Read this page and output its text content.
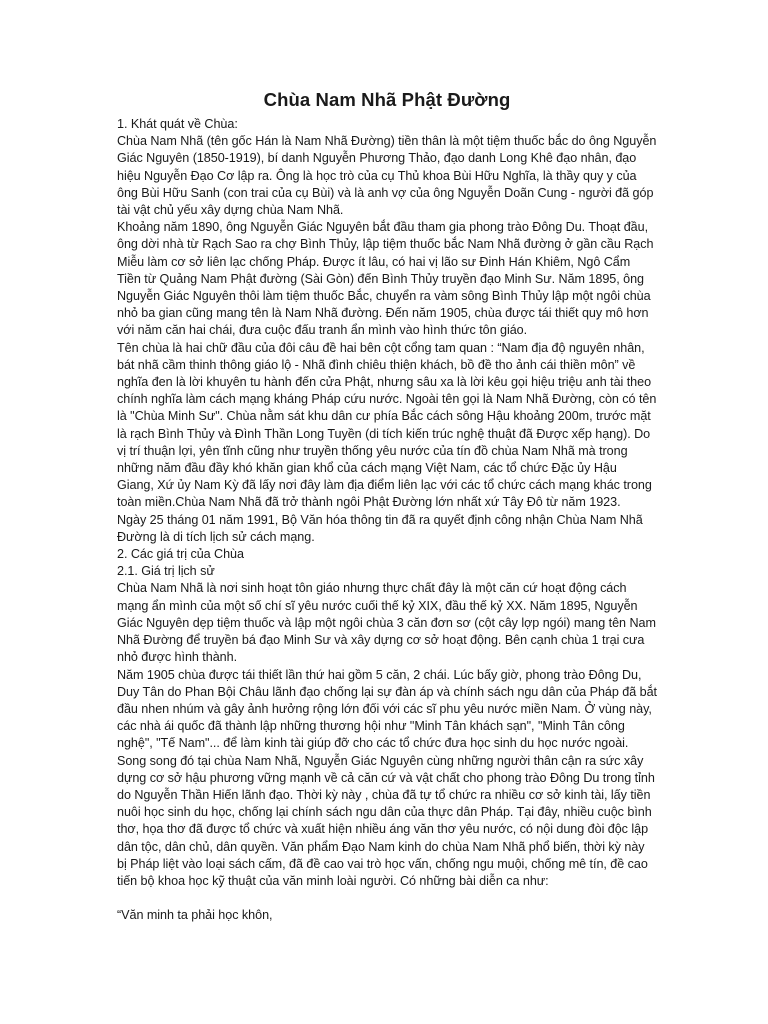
Chùa Nam Nhã Phật Đường

1. Khát quát về Chùa:

Chùa Nam Nhã (tên gốc Hán là Nam Nhã Đường) tiền thân là một tiệm thuốc bắc do ông Nguyễn Giác Nguyên (1850-1919), bí danh Nguyễn Phương Thảo, đạo danh Long Khê đạo nhân, đạo hiệu Nguyễn Đạo Cơ lập ra. Ông là học trò của cụ Thủ khoa Bùi Hữu Nghĩa, là thầy quy y của ông Bùi Hữu Sanh (con trai của cụ Bùi) và là anh vợ của ông Nguyễn Doãn Cung - người đã góp tài vật chủ yếu xây dựng chùa Nam Nhã.

Khoảng năm 1890, ông Nguyễn Giác Nguyên bắt đầu tham gia phong trào Đông Du. Thoạt đầu, ông dời nhà từ Rạch Sao ra chợ Bình Thủy, lập tiệm thuốc bắc Nam Nhã đường ở gần cầu Rạch Miễu làm cơ sở liên lạc chống Pháp. Được ít lâu, có hai vị lão sư Đinh Hán Khiêm, Ngô Cẩm Tiền từ Quảng Nam Phật đường (Sài Gòn) đến Bình Thủy truyền đạo Minh Sư. Năm 1895, ông Nguyễn Giác Nguyên thôi làm tiệm thuốc Bắc, chuyển ra vàm sông Bình Thủy lập một ngôi chùa nhỏ ba gian cũng mang tên là Nam Nhã đường. Đến năm 1905, chùa được tái thiết quy mô hơn với năm căn hai chái, đưa cuộc đấu tranh ẩn mình vào hình thức tôn giáo.

Tên chùa là hai chữ đầu của đôi câu đề hai bên cột cổng tam quan : “Nam địa độ nguyên nhân, bát nhã cầm thinh thông giáo lộ - Nhã đình chiêu thiện khách, bồ đề tho ảnh cái thiền môn” về nghĩa đen là lời khuyên tu hành đến cửa Phật, nhưng sâu xa là lời kêu gọi hiệu triệu anh tài theo chính nghĩa làm cách mạng kháng Pháp cứu nước. Ngoài tên gọi là Nam Nhã Đường, còn có tên là "Chùa Minh Sư". Chùa nằm sát khu dân cư phía Bắc cách sông Hậu khoảng 200m, trước mặt là rạch Bình Thủy và Đình Thần Long Tuyền (di tích kiến trúc nghệ thuật đã Được xếp hạng). Do vị trí thuận lợi, yên tĩnh cũng như truyền thống yêu nước của tín đồ chùa Nam Nhã mà trong những năm đầu đầy khó khăn gian khổ của cách mạng Việt Nam, các tổ chức Đặc ủy Hậu Giang, Xứ ủy Nam Kỳ đã lấy nơi đây làm địa điểm liên lạc với các tổ chức cách mạng khác trong toàn miền.Chùa Nam Nhã đã trở thành ngôi Phật Đường lớn nhất xứ Tây Đô từ năm 1923.

Ngày 25 tháng 01 năm 1991, Bộ Văn hóa thông tin đã ra quyết định công nhận Chùa Nam Nhã Đường là di tích lịch sử cách mạng.

2. Các giá trị của Chùa

2.1. Giá trị lịch sử

Chùa Nam Nhã là nơi sinh hoạt tôn giáo nhưng thực chất đây là một căn cứ hoạt động cách mạng ẩn mình của một số chí sĩ yêu nước cuối thế kỷ XIX, đầu thế kỷ XX. Năm 1895, Nguyễn Giác Nguyên dẹp tiệm thuốc và lập một ngôi chùa 3 căn đơn sơ (cột cây lợp ngói) mang tên Nam Nhã Đường để truyền bá đạo Minh Sư và xây dựng cơ sở hoạt động. Bên cạnh chùa 1 trại cưa nhỏ được hình thành.

Năm 1905 chùa được tái thiết lần thứ hai gồm 5 căn, 2 chái. Lúc bấy giờ, phong trào Đông Du, Duy Tân do Phan Bội Châu lãnh đạo chống lại sự đàn áp và chính sách ngu dân của Pháp đã bắt đầu nhen nhúm và gây ảnh hưởng rộng lớn đối với các sĩ phu yêu nước miền Nam. Ở vùng này, các nhà ái quốc đã thành lập những thương hội như "Minh Tân khách sạn", "Minh Tân công nghệ", "Tế Nam"... để làm kinh tài giúp đỡ cho các tổ chức đưa học sinh du học nước ngoài.

Song song đó tại chùa Nam Nhã, Nguyễn Giác Nguyên cùng những người thân cận ra sức xây dựng cơ sở hậu phương vững mạnh về cả căn cứ và vật chất cho phong trào Đông Du trong tỉnh do Nguyễn Thần Hiến lãnh đạo. Thời kỳ này , chùa đã tự tổ chức ra nhiều cơ sở kinh tài, lấy tiền nuôi học sinh du học, chống lại chính sách ngu dân của thực dân Pháp. Tại đây, nhiều cuộc bình thơ, họa thơ đã được tổ chức và xuất hiện nhiều áng văn thơ yêu nước, có nội dung đòi độc lập dân tộc, dân chủ, dân quyền. Văn phẩm Đạo Nam kinh do chùa Nam Nhã phổ biến, thời kỳ này bị Pháp liệt vào loại sách cấm, đã đề cao vai trò học vấn, chống ngu muội, chống mê tín, đề cao tiến bộ khoa học kỹ thuật của văn minh loài người. Có những bài diễn ca như:

“Văn minh ta phải học khôn,
